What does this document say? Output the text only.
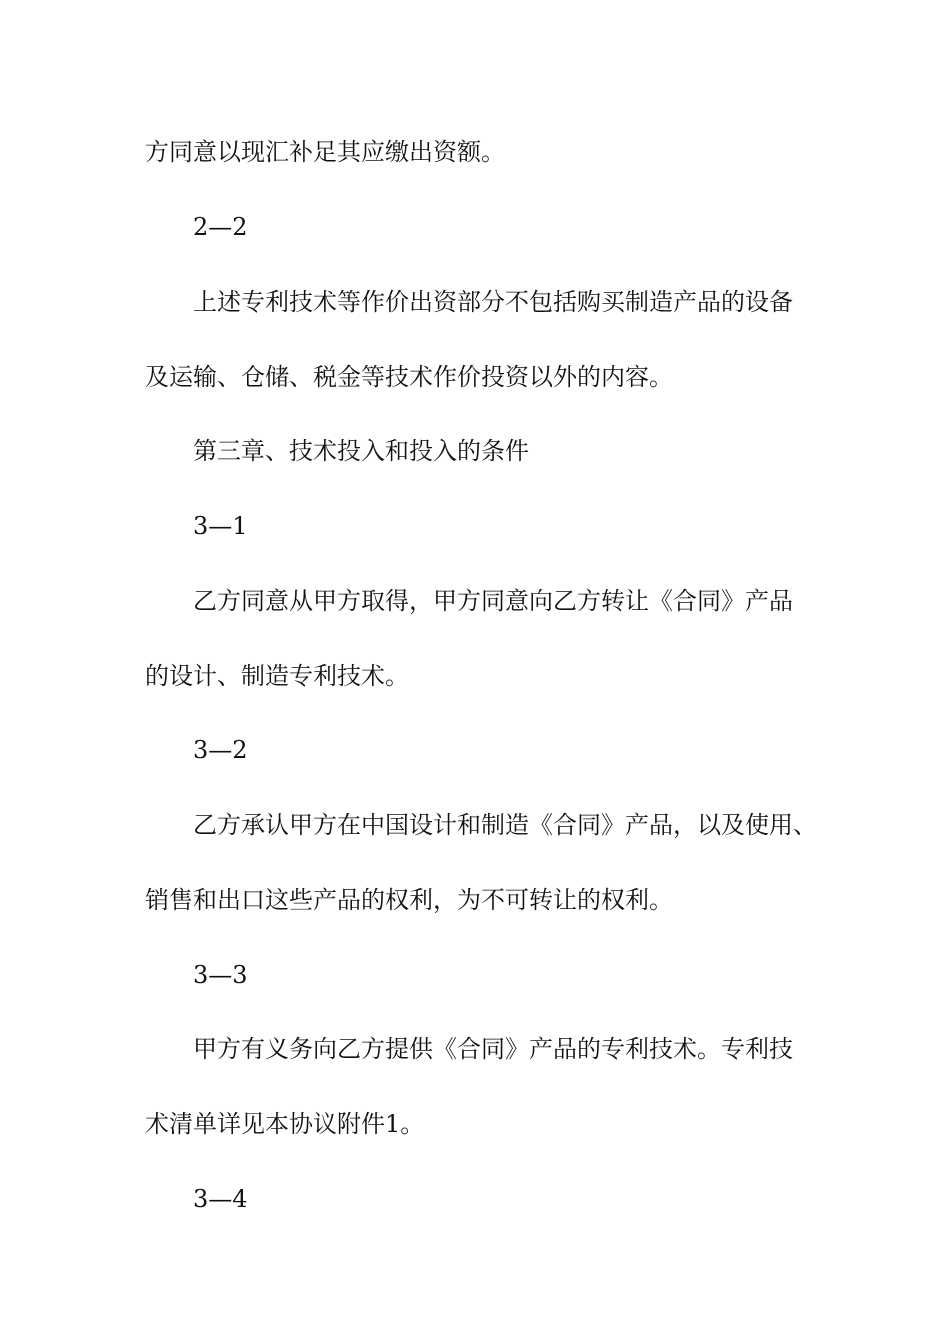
方同意以现汇补足其应缴出资额。
2—2
上述专利技术等作价出资部分不包括购买制造产品的设备
及运输、仓储、税金等技术作价投资以外的内容。
第三章、技术投入和投入的条件
3—1
乙方同意从甲方取得，甲方同意向乙方转让《合同》产品
的设计、制造专利技术。
3—2
乙方承认甲方在中国设计和制造《合同》产品，以及使用、
销售和出口这些产品的权利，为不可转让的权利。
3—3
甲方有义务向乙方提供《合同》产品的专利技术。专利技
术清单详见本协议附件1。
3—4
